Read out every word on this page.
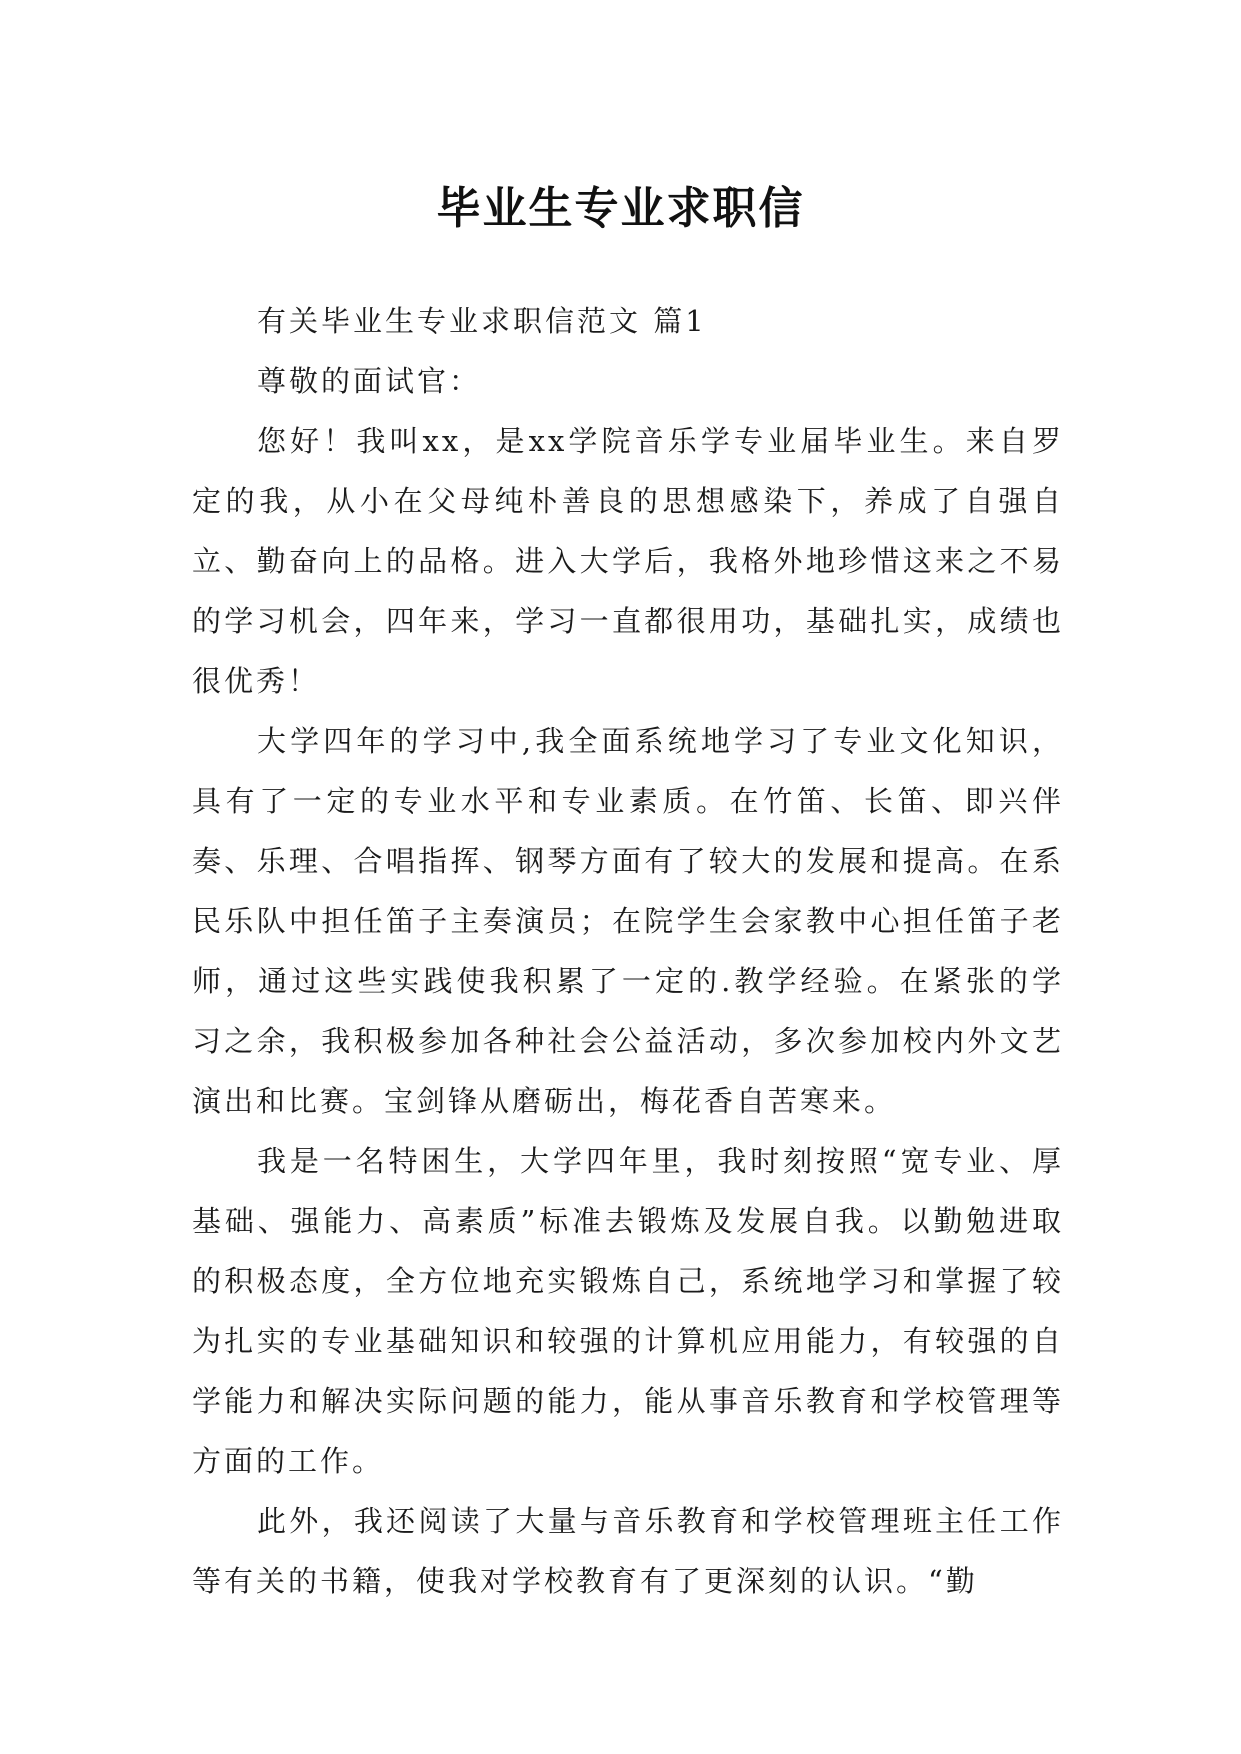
毕业生专业求职信

有关毕业生专业求职信范文 篇1

尊敬的面试官：

您好！我叫xx，是xx学院音乐学专业届毕业生。来自罗定的我，从小在父母纯朴善良的思想感染下，养成了自强自立、勤奋向上的品格。进入大学后，我格外地珍惜这来之不易的学习机会，四年来，学习一直都很用功，基础扎实，成绩也很优秀！

大学四年的学习中,我全面系统地学习了专业文化知识，具有了一定的专业水平和专业素质。在竹笛、长笛、即兴伴奏、乐理、合唱指挥、钢琴方面有了较大的发展和提高。在系民乐队中担任笛子主奏演员；在院学生会家教中心担任笛子老师，通过这些实践使我积累了一定的.教学经验。在紧张的学习之余，我积极参加各种社会公益活动，多次参加校内外文艺演出和比赛。宝剑锋从磨砺出，梅花香自苦寒来。

我是一名特困生，大学四年里，我时刻按照“宽专业、厚基础、强能力、高素质”标准去锻炼及发展自我。以勤勉进取的积极态度，全方位地充实锻炼自己，系统地学习和掌握了较为扎实的专业基础知识和较强的计算机应用能力，有较强的自学能力和解决实际问题的能力，能从事音乐教育和学校管理等方面的工作。

此外，我还阅读了大量与音乐教育和学校管理班主任工作等有关的书籍，使我对学校教育有了更深刻的认识。“勤
